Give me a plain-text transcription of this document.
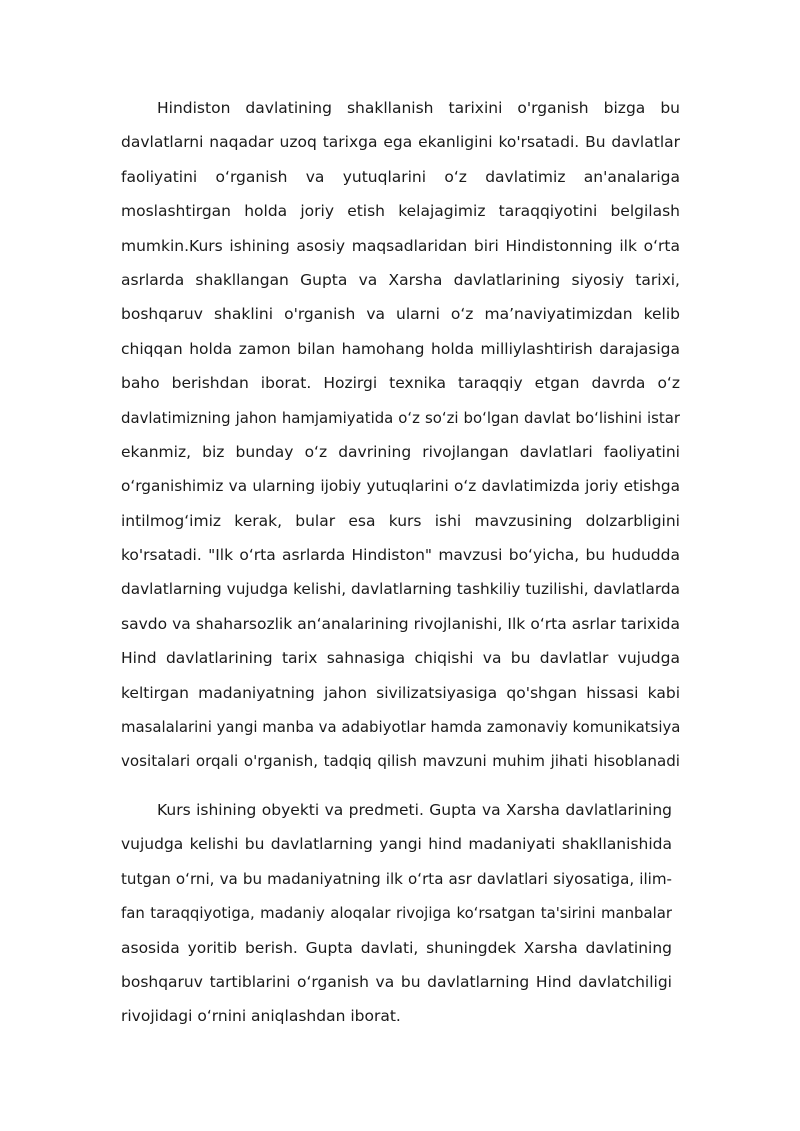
Hindiston davlatining shakllanish tarixini o'rganish bizga bu
davlatlarni naqadar uzoq tarixga ega ekanligini ko'rsatadi. Bu davlatlar
faoliyatini oʻrganish va yutuqlarini oʻz davlatimiz an'analariga
moslashtirgan holda joriy etish kelajagimiz taraqqiyotini belgilash
mumkin.Kurs ishining asosiy maqsadlaridan biri Hindistonning ilk oʻrta
asrlarda shakllangan Gupta va Xarsha davlatlarining siyosiy tarixi,
boshqaruv shaklini o'rganish va ularni oʻz maʼnaviyatimizdan kelib
chiqqan holda zamon bilan hamohang holda milliylashtirish darajasiga
baho berishdan iborat. Hozirgi texnika taraqqiy etgan davrda oʻz
davlatimizning jahon hamjamiyatida oʻz soʻzi boʻlgan davlat boʻlishini istar
ekanmiz, biz bunday oʻz davrining rivojlangan davlatlari faoliyatini
oʻrganishimiz va ularning ijobiy yutuqlarini oʻz davlatimizda joriy etishga
intilmogʻimiz kerak, bular esa kurs ishi mavzusining dolzarbligini
ko'rsatadi. "Ilk oʻrta asrlarda Hindiston" mavzusi boʻyicha, bu hududda
davlatlarning vujudga kelishi, davlatlarning tashkiliy tuzilishi, davlatlarda
savdo va shaharsozlik anʻanalarining rivojlanishi, Ilk oʻrta asrlar tarixida
Hind davlatlarining tarix sahnasiga chiqishi va bu davlatlar vujudga
keltirgan madaniyatning jahon sivilizatsiyasiga qo'shgan hissasi kabi
masalalarini yangi manba va adabiyotlar hamda zamonaviy komunikatsiya
vositalari orqali o'rganish, tadqiq qilish mavzuni muhim jihati hisoblanadi
Kurs ishining obyekti va predmeti. Gupta va Xarsha davlatlarining
vujudga kelishi bu davlatlarning yangi hind madaniyati shakllanishida
tutgan oʻrni, va bu madaniyatning ilk oʻrta asr davlatlari siyosatiga, ilim-
fan taraqqiyotiga, madaniy aloqalar rivojiga koʻrsatgan ta'sirini manbalar
asosida yoritib berish. Gupta davlati, shuningdek Xarsha davlatining
boshqaruv tartiblarini oʻrganish va bu davlatlarning Hind davlatchiligi
rivojidagi oʻrnini aniqlashdan iborat.
